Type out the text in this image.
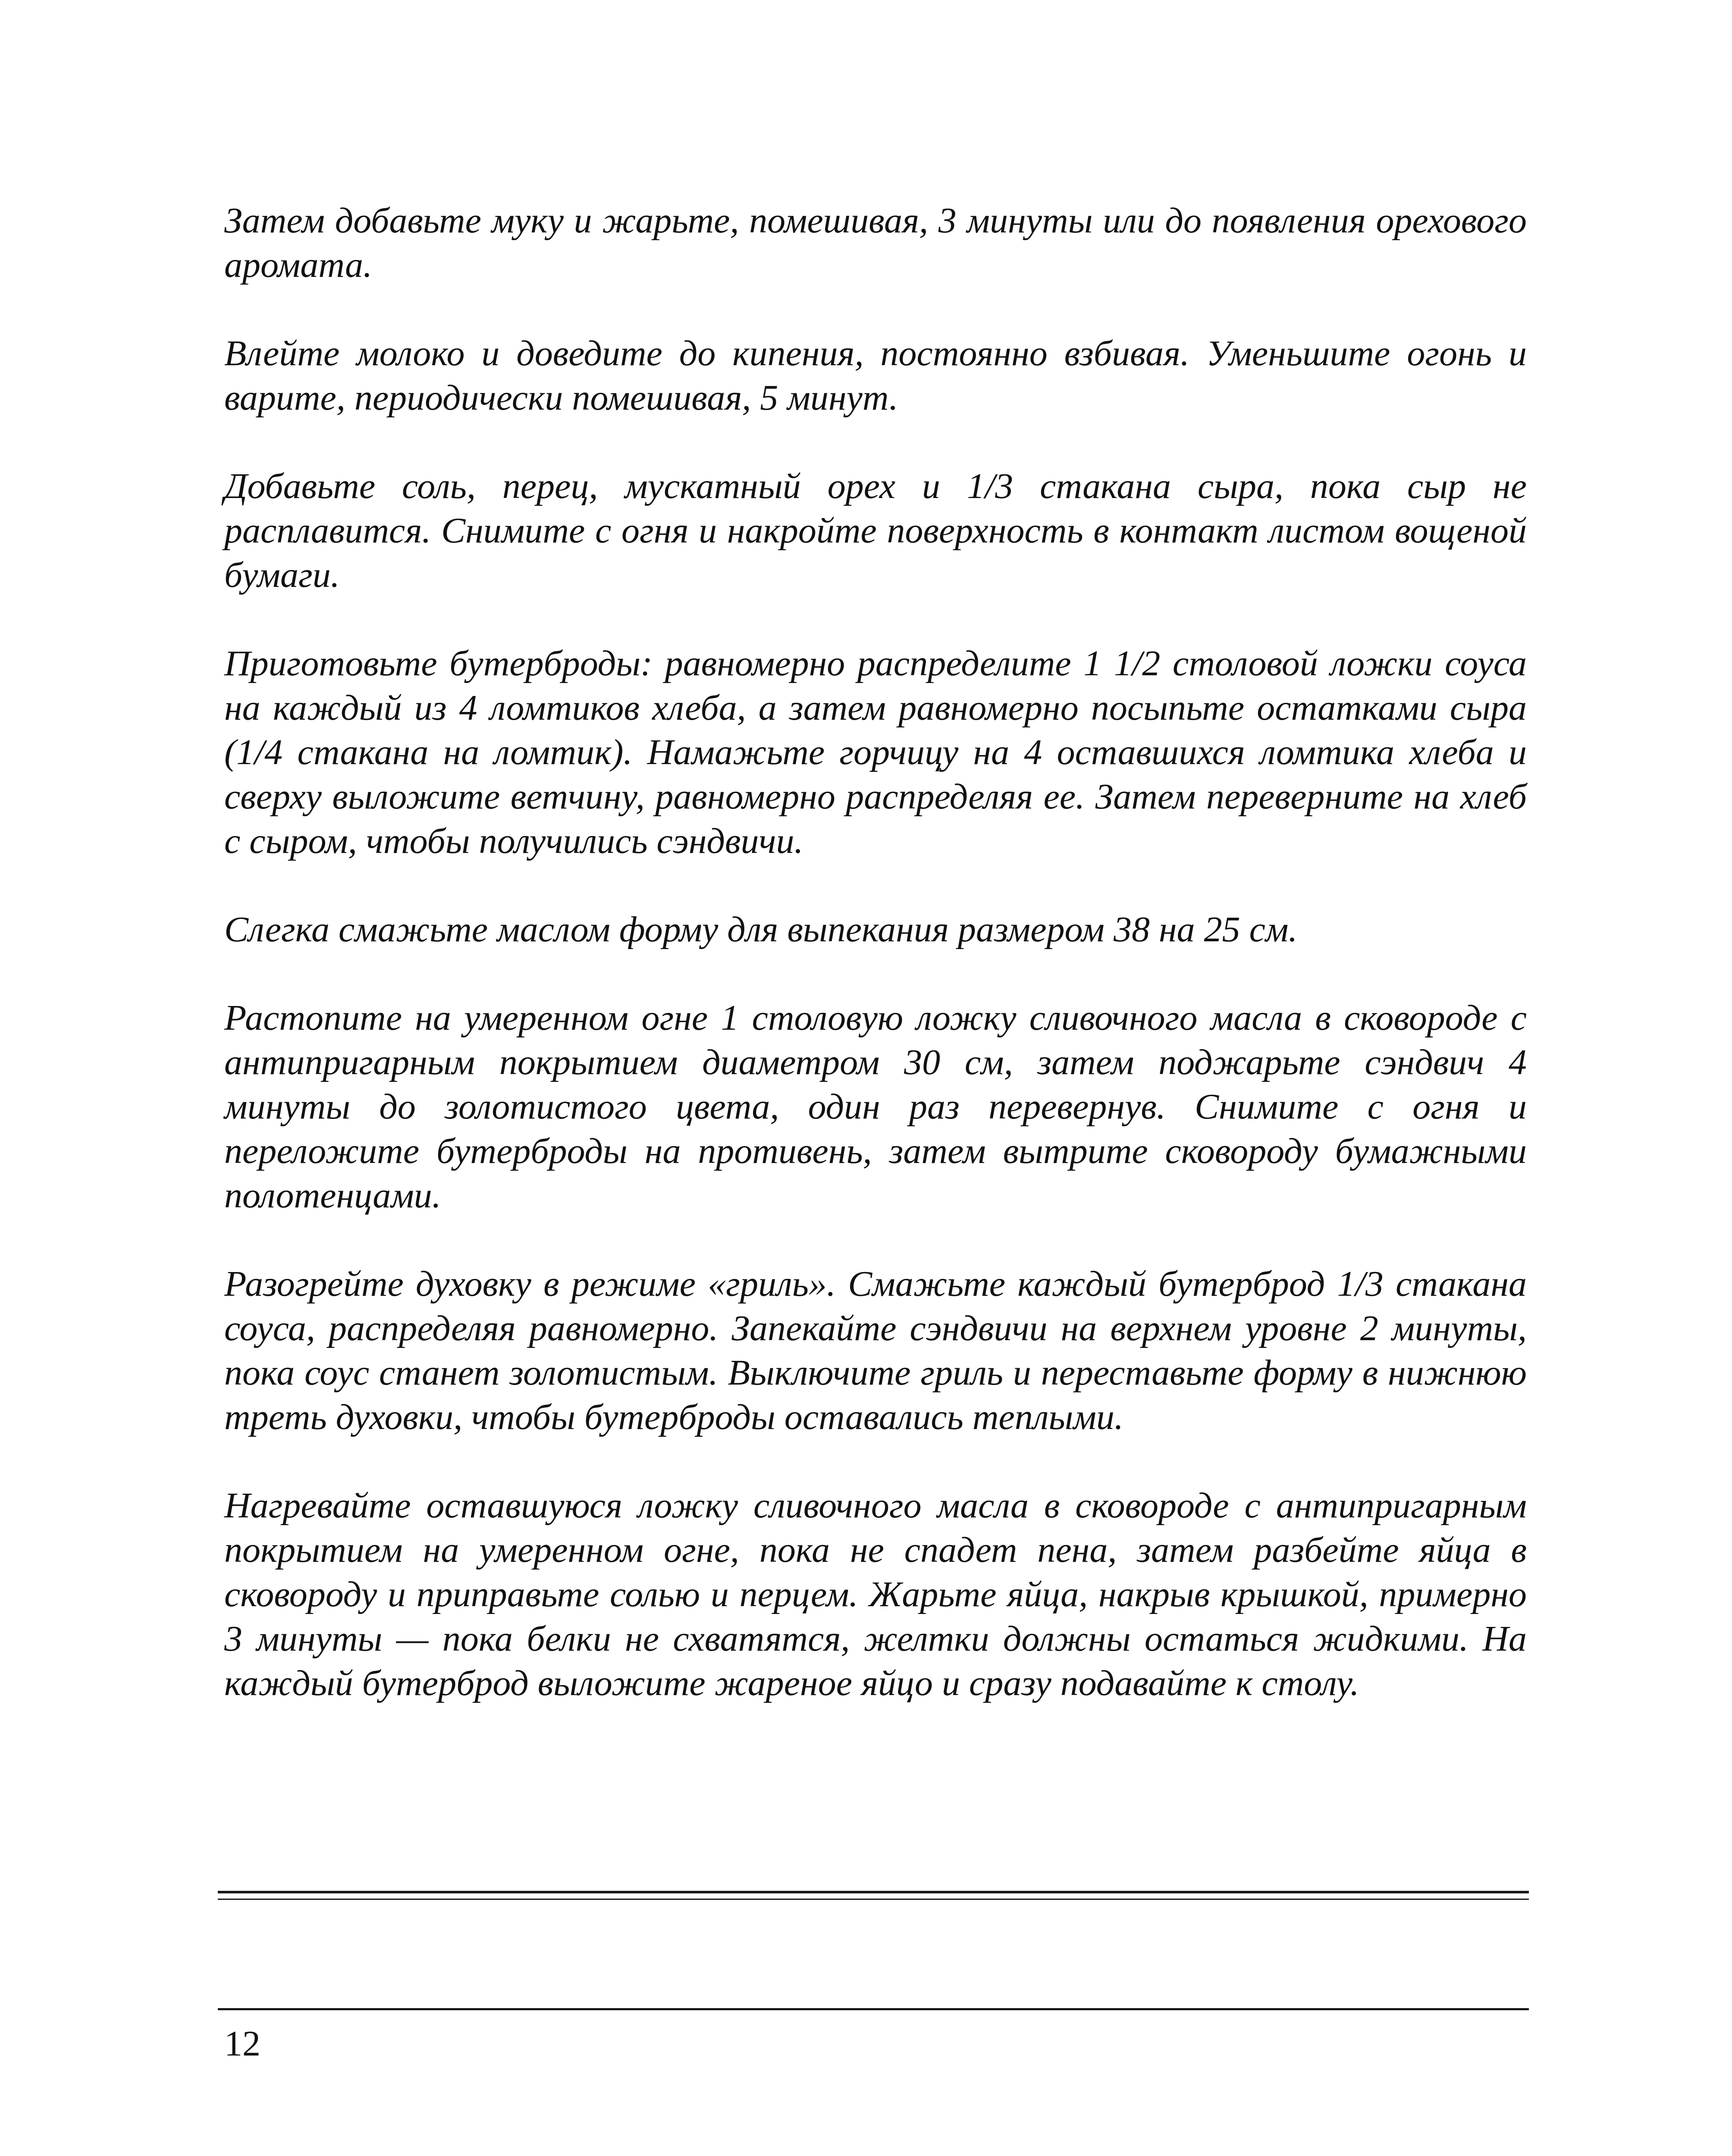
Затем добавьте муку и жарьте, помешивая, 3 минуты или до появления орехового аромата.

Влейте молоко и доведите до кипения, постоянно взбивая. Уменьшите огонь и варите, периодически помешивая, 5 минут.

Добавьте соль, перец, мускатный орех и 1/3 стакана сыра, пока сыр не расплавится. Снимите с огня и накройте поверхность в контакт листом вощеной бумаги.

Приготовьте бутерброды: равномерно распределите 1 1/2 столовой ложки соуса на каждый из 4 ломтиков хлеба, а затем равномерно посыпьте остатками сыра (1/4 стакана на ломтик). Намажьте горчицу на 4 оставшихся ломтика хлеба и сверху выложите ветчину, равномерно распределяя ее. Затем переверните на хлеб с сыром, чтобы получились сэндвичи.

Слегка смажьте маслом форму для выпекания размером 38 на 25 см.

Растопите на умеренном огне 1 столовую ложку сливочного масла в сковороде с антипригарным покрытием диаметром 30 см, затем поджарьте сэндвич 4 минуты до золотистого цвета, один раз перевернув. Снимите с огня и переложите бутерброды на противень, затем вытрите сковороду бумажными полотенцами.

Разогрейте духовку в режиме «гриль». Смажьте каждый бутерброд 1/3 стакана соуса, распределяя равномерно. Запекайте сэндвичи на верхнем уровне 2 минуты, пока соус станет золотистым. Выключите гриль и переставьте форму в нижнюю треть духовки, чтобы бутерброды оставались теплыми.

Нагревайте оставшуюся ложку сливочного масла в сковороде с антипригарным покрытием на умеренном огне, пока не спадет пена, затем разбейте яйца в сковороду и приправьте солью и перцем. Жарьте яйца, накрыв крышкой, примерно 3 минуты — пока белки не схватятся, желтки должны остаться жидкими. На каждый бутерброд выложите жареное яйцо и сразу подавайте к столу.

12
